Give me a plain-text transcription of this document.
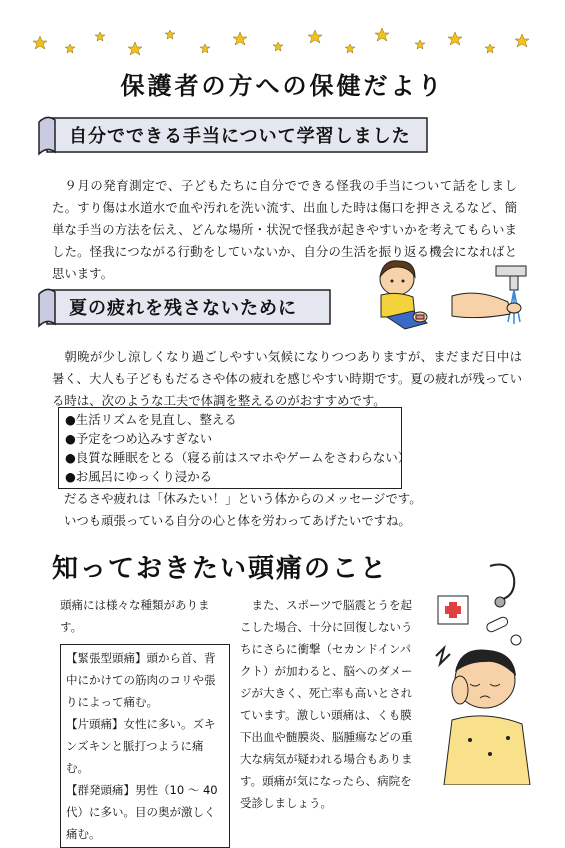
保護者の方への保健だより
自分でできる手当について学習しました

９月の発育測定で、子どもたちに自分でできる怪我の手当について話をしました。すり傷は水道水で血や汚れを洗い流す、出血した時は傷口を押さえるなど、簡単な手当の方法を伝え、どんな場所・状況で怪我が起きやすいかを考えてもらいました。怪我につながる行動をしていないか、自分の生活を振り返る機会になればと思います。

夏の疲れを残さないために

朝晩が少し涼しくなり過ごしやすい気候になりつつありますが、まだまだ日中は暑く、大人も子どももだるさや体の疲れを感じやすい時期です。夏の疲れが残っている時は、次のような工夫で体調を整えるのがおすすめです。

●生活リズムを見直し、整える
●予定をつめ込みすぎない
●良質な睡眠をとる（寝る前はスマホやゲームをさわらない）
●お風呂にゆっくり浸かる
だるさや疲れは「休みたい！」という体からのメッセージです。
いつも頑張っている自分の心と体を労わってあげたいですね。
知っておきたい頭痛のこと
頭痛には様々な種類があります。
【緊張型頭痛】頭から首、背中にかけての筋肉のコリや張りによって痛む。
【片頭痛】女性に多い。ズキンズキンと脈打つように痛む。
【群発頭痛】男性（10 ～ 40 代）に多い。目の奥が激しく痛む。
また、スポーツで脳震とうを起こした場合、十分に回復しないうちにさらに衝撃（セカンドインパクト）が加わると、脳へのダメージが大きく、死亡率も高いとされています。激しい頭痛は、くも膜下出血や髄膜炎、脳腫瘍などの重大な病気が疑われる場合もあります。頭痛が気になったら、病院を受診しましょう。
